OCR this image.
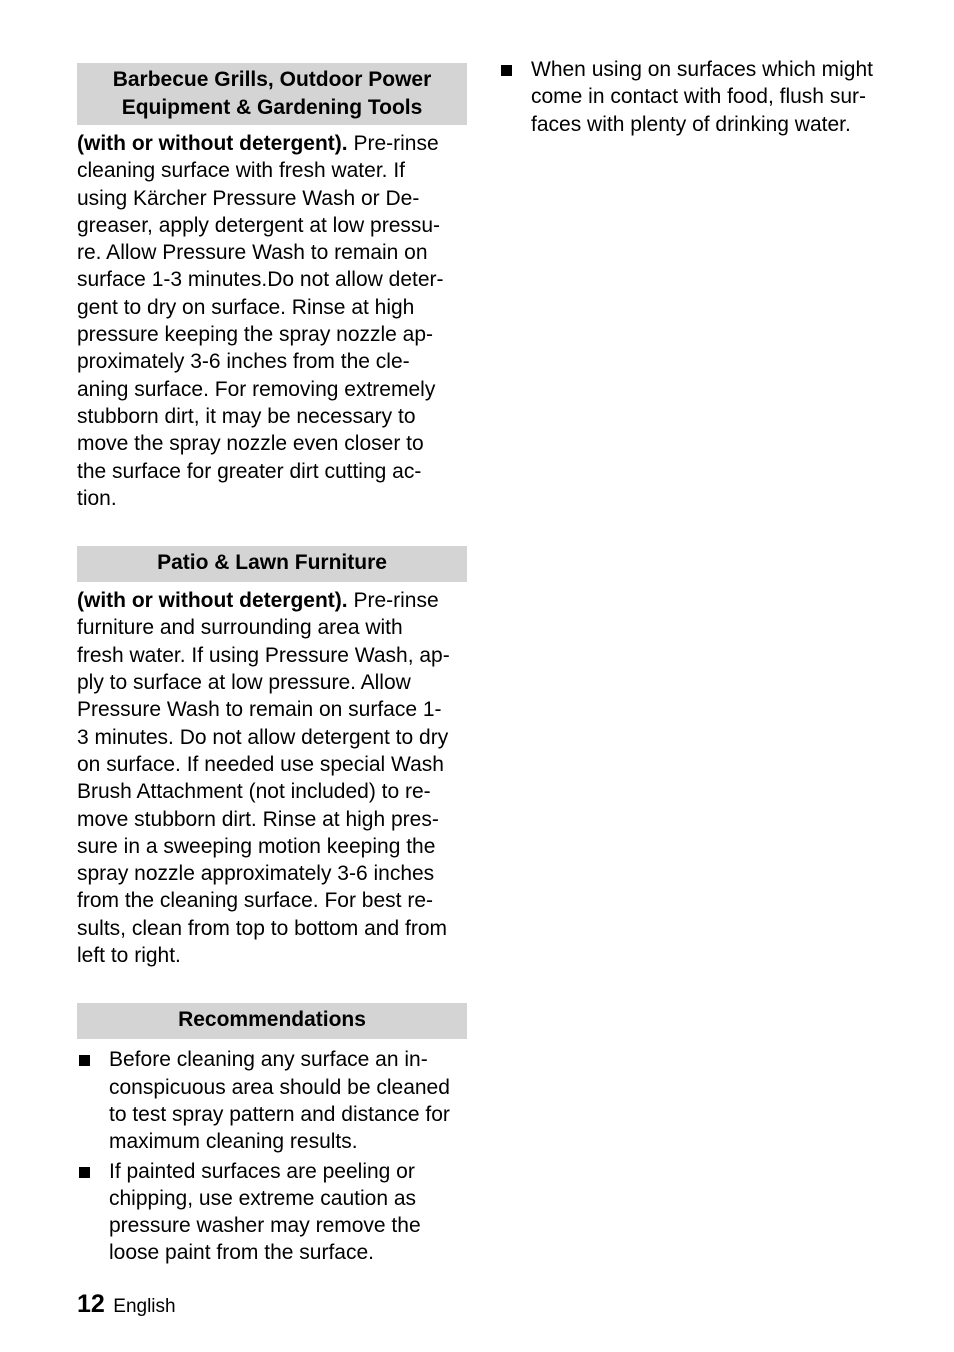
Barbecue Grills, Outdoor Power
Equipment & Gardening Tools
(with or without detergent). Pre-rinse
cleaning surface with fresh water. If
using Kärcher Pressure Wash or De-
greaser, apply detergent at low pressu-
re. Allow Pressure Wash to remain on
surface 1-3 minutes.Do not allow deter-
gent to dry on surface. Rinse at high
pressure keeping the spray nozzle ap-
proximately 3-6 inches from the cle-
aning surface. For removing extremely
stubborn dirt, it may be necessary to
move the spray nozzle even closer to
the surface for greater dirt cutting ac-
tion.
Patio & Lawn Furniture
(with or without detergent). Pre-rinse
furniture and surrounding area with
fresh water. If using Pressure Wash, ap-
ply to surface at low pressure. Allow
Pressure Wash to remain on surface 1-
3 minutes. Do not allow detergent to dry
on surface. If needed use special Wash
Brush Attachment (not included) to re-
move stubborn dirt. Rinse at high pres-
sure in a sweeping motion keeping the
spray nozzle approximately 3-6 inches
from the cleaning surface. For best re-
sults, clean from top to bottom and from
left to right.
Recommendations
Before cleaning any surface an in-
conspicuous area should be cleaned
to test spray pattern and distance for
maximum cleaning results.
If painted surfaces are peeling or
chipping, use extreme caution as
pressure washer may remove the
loose paint from the surface.
When using on surfaces which might
come in contact with food, flush sur-
faces with plenty of drinking water.
12 English
